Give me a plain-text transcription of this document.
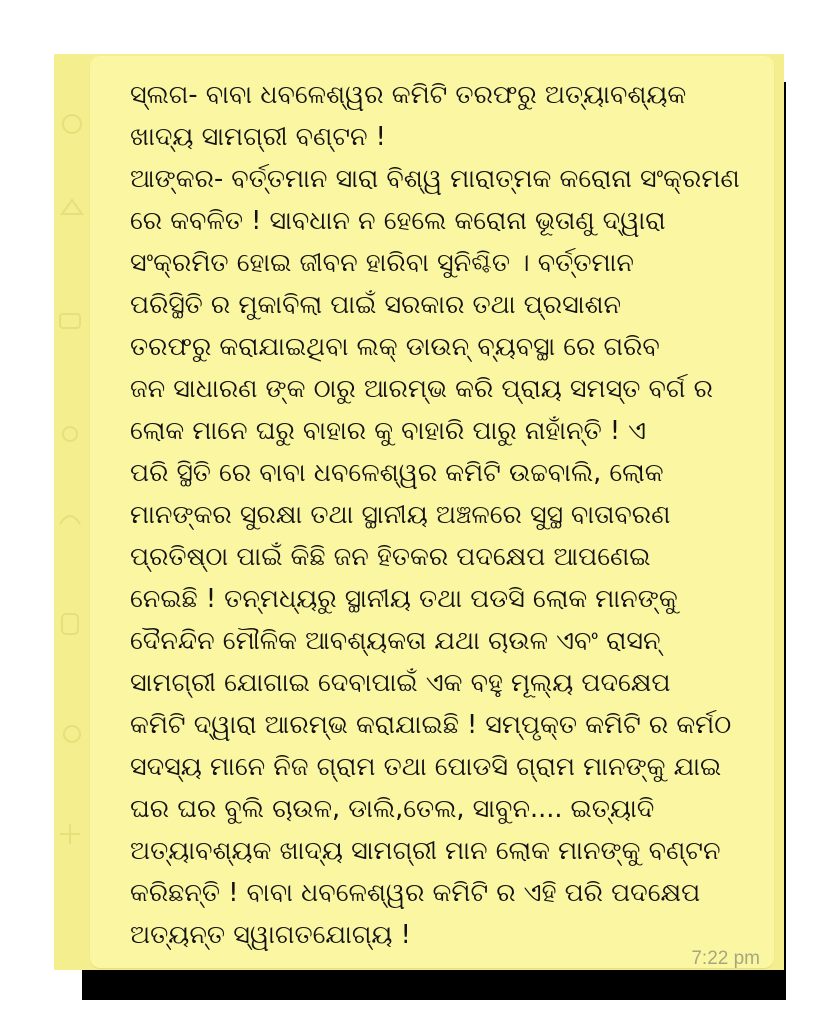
ସ୍ଲଗ- ବାବା ଧବଳେଶ୍ୱର କମିଟି ତରଫରୁ ଅତ୍ୟାବଶ୍ୟକ
ଖାଦ୍ୟ ସାମଗ୍ରୀ ବଣ୍ଟନ !
ଆଙ୍କର- ବର୍ତ୍ତମାନ ସାରା ବିଶ୍ୱ ମାରାତ୍ମକ କରୋନା ସଂକ୍ରମଣ
ରେ କବଳିତ ! ସାବଧାନ ନ ହେଲେ କରୋନା ଭୂତାଣୁ ଦ୍ୱାରା
ସଂକ୍ରମିତ ହୋଇ ଜୀବନ ହାରିବା ସୁନିଶ୍ଚିତ । ବର୍ତ୍ତମାନ
ପରିସ୍ଥିତି ର ମୁକାବିଲା ପାଇଁ ସରକାର ତଥା ପ୍ରସାଶନ
ତରଫରୁ କରାଯାଇଥିବା ଲକ୍ ଡାଉନ୍ ବ୍ୟବସ୍ଥା ରେ ଗରିବ
ଜନ ସାଧାରଣ ଙ୍କ ଠାରୁ ଆରମ୍ଭ କରି ପ୍ରାୟ ସମସ୍ତ ବର୍ଗ ର
ଲୋକ ମାନେ ଘରୁ ବାହାର କୁ ବାହାରି ପାରୁ ନାହାଁନ୍ତି ! ଏ
ପରି ସ୍ଥିତି ରେ ବାବା ଧବଳେଶ୍ୱର କମିଟି ଉଚ୍ଚବାଲି, ଲୋକ
ମାନଙ୍କର ସୁରକ୍ଷା ତଥା ସ୍ଥାନୀୟ ଅଞ୍ଚଳରେ ସୁସ୍ଥ ବାତାବରଣ
ପ୍ରତିଷ୍ଠା ପାଇଁ କିଛି ଜନ ହିତକର ପଦକ୍ଷେପ ଆପଣେଇ
ନେଇଛି ! ତନ୍ମଧ୍ୟରୁ ସ୍ଥାନୀୟ ତଥା ପଡସି ଲୋକ ମାନଙ୍କୁ
ଦୈନନ୍ଦିନ ମୌଳିକ ଆବଶ୍ୟକତା ଯଥା ଚାଉଳ ଏବଂ ରାସନ୍
ସାମଗ୍ରୀ ଯୋଗାଇ ଦେବାପାଇଁ ଏକ ବହୁ ମୂଲ୍ୟ ପଦକ୍ଷେପ
କମିଟି ଦ୍ୱାରା ଆରମ୍ଭ କରାଯାଇଛି ! ସମ୍ପୃକ୍ତ କମିଟି ର କର୍ମଠ
ସଦସ୍ୟ ମାନେ ନିଜ ଗ୍ରାମ ତଥା ପୋଡସି ଗ୍ରାମ ମାନଙ୍କୁ ଯାଇ
ଘର ଘର ବୁଲି ଚାଉଳ, ଡାଲି,ତେଲ, ସାବୁନ.... ଇତ୍ୟାଦି
ଅତ୍ୟାବଶ୍ୟକ ଖାଦ୍ୟ ସାମଗ୍ରୀ ମାନ ଲୋକ ମାନଙ୍କୁ ବଣ୍ଟନ
କରିଛନ୍ତି ! ବାବା ଧବଳେଶ୍ୱର କମିଟି ର ଏହି ପରି ପଦକ୍ଷେପ
ଅତ୍ୟନ୍ତ ସ୍ୱାଗତଯୋଗ୍ୟ !
7:22 pm
